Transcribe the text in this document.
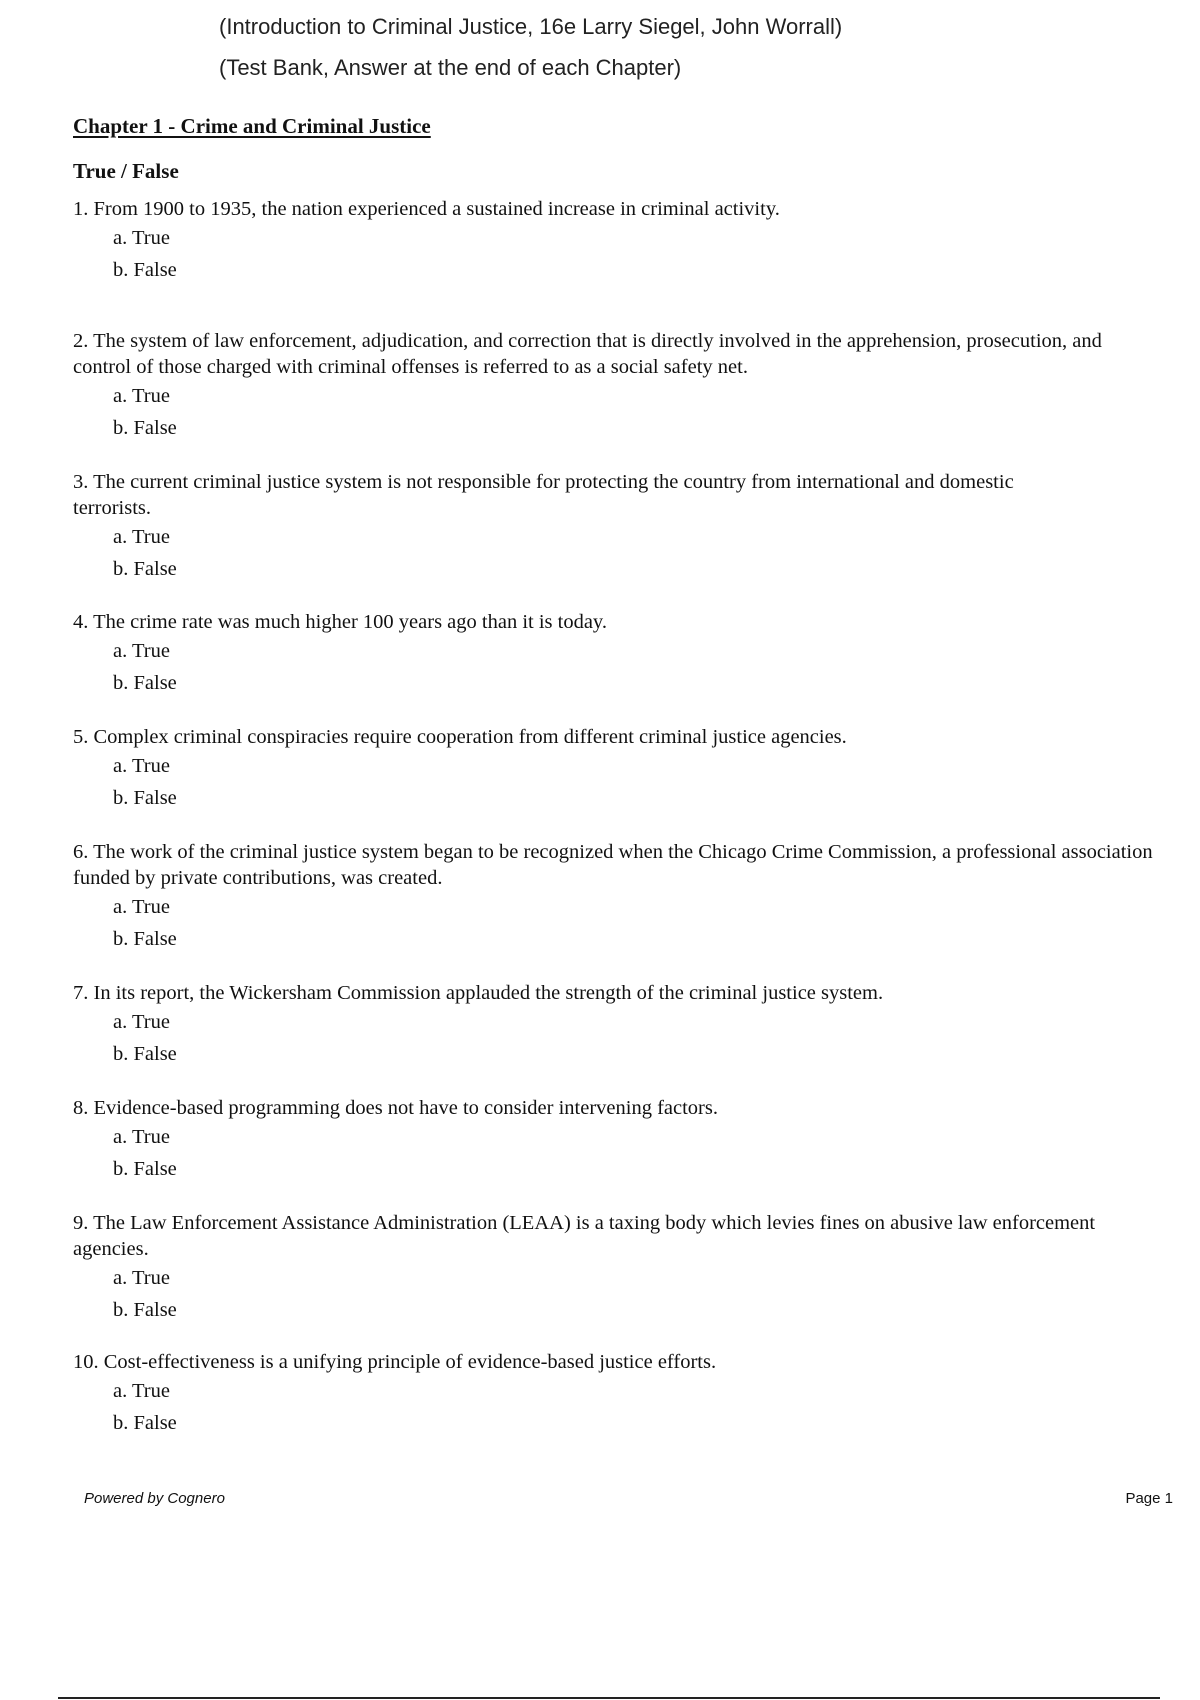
(Introduction to Criminal Justice, 16e Larry Siegel, John Worrall)
(Test Bank, Answer at the end of each Chapter)
Chapter 1 - Crime and Criminal Justice
True / False

1. From 1900 to 1935, the nation experienced a sustained increase in criminal activity.

a. True
b. False

2. The system of law enforcement, adjudication, and correction that is directly involved in the apprehension, prosecution, and control of those charged with criminal offenses is referred to as a social safety net.

a. True
b. False

3. The current criminal justice system is not responsible for protecting the country from international and domestic terrorists.

a. True
b. False

4. The crime rate was much higher 100 years ago than it is today.

a. True
b. False

5. Complex criminal conspiracies require cooperation from different criminal justice agencies.

a. True
b. False

6. The work of the criminal justice system began to be recognized when the Chicago Crime Commission, a professional association funded by private contributions, was created.

a. True
b. False

7. In its report, the Wickersham Commission applauded the strength of the criminal justice system.

a. True
b. False

8. Evidence-based programming does not have to consider intervening factors.

a. True
b. False

9. The Law Enforcement Assistance Administration (LEAA) is a taxing body which levies fines on abusive law enforcement agencies.

a. True
b. False

10. Cost-effectiveness is a unifying principle of evidence-based justice efforts.

a. True
b. False
Powered by Cognero	Page 1
